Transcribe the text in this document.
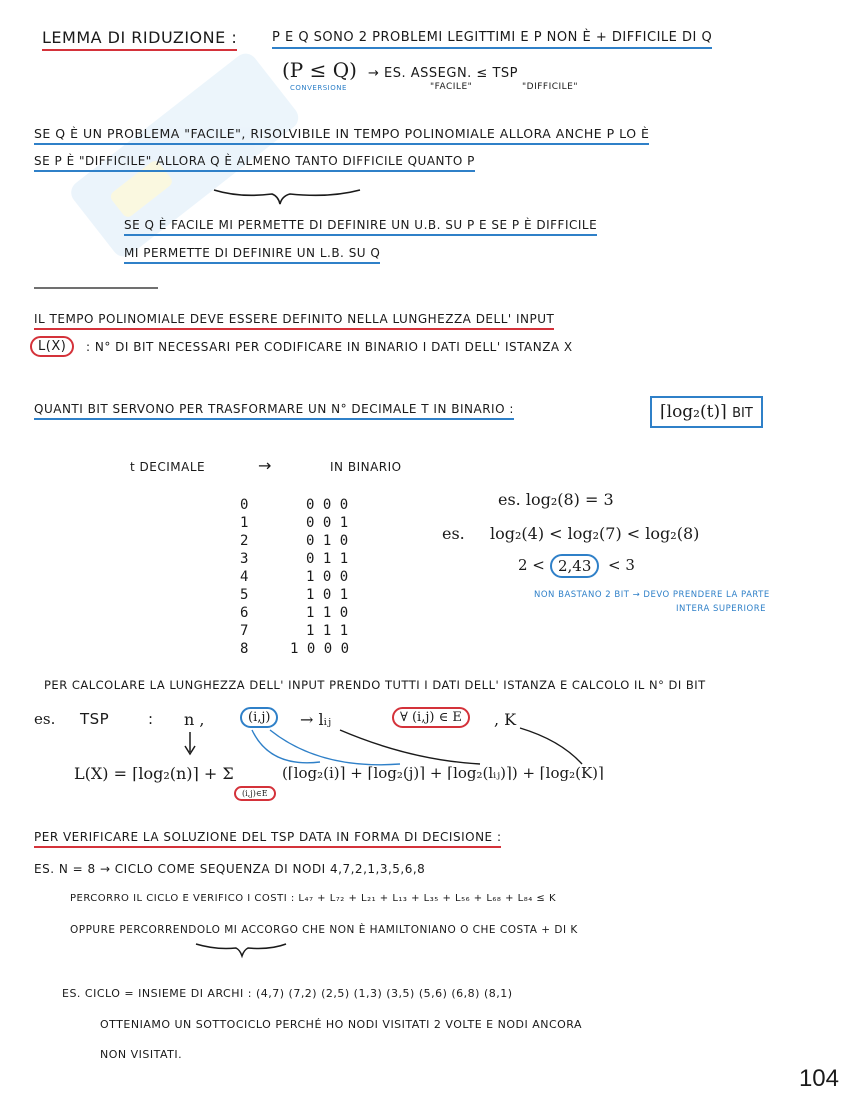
LEMMA DI RIDUZIONE :	P E Q SONO 2 PROBLEMI LEGITTIMI E P NON È + DIFFICILE DI Q
(P ≤ Q)
CONVERSIONE
→ ES. ASSEGN. ≤ TSP
"FACILE"	"DIFFICILE"
SE Q È UN PROBLEMA "FACILE", RISOLVIBILE IN TEMPO POLINOMIALE ALLORA ANCHE P LO È
SE P È "DIFFICILE" ALLORA Q È ALMENO TANTO DIFFICILE QUANTO P
SE Q È FACILE MI PERMETTE DI DEFINIRE UN U.B. SU P E SE P È DIFFICILE
MI PERMETTE DI DEFINIRE UN L.B. SU Q
IL TEMPO POLINOMIALE DEVE ESSERE DEFINITO NELLA LUNGHEZZA DELL' INPUT
L(X)	: N° DI BIT NECESSARI PER CODIFICARE IN BINARIO I DATI DELL' ISTANZA X
QUANTI BIT SERVONO PER TRASFORMARE UN N° DECIMALE T IN BINARIO :	⌈log₂(t)⌉ BIT
t DECIMALE	→	IN BINARIO
0	0 0 0
1	0 0 1
2	0 1 0
3	0 1 1
4	1 0 0
5	1 0 1
6	1 1 0
7	1 1 1
8	1 0 0 0
es. log₂(8) = 3
es. log₂(4) < log₂(7) < log₂(8)
2 < 2,43	< 3
NON BASTANO 2 BIT → DEVO PRENDERE LA PARTE
INTERA SUPERIORE
PER CALCOLARE LA LUNGHEZZA DELL' INPUT PRENDO TUTTI I DATI DELL' ISTANZA E CALCOLO IL N° DI BIT
es. TSP	: n ,	(i,j)	→ lᵢⱼ	∀ (i,j) ∈ E	, K
L(X) = ⌈log₂(n)⌉ + Σ
(i,j)∈E
(⌈log₂(i)⌉ + ⌈log₂(j)⌉ + ⌈log₂(lᵢⱼ)⌉) + ⌈log₂(K)⌉
PER VERIFICARE LA SOLUZIONE DEL TSP DATA IN FORMA DI DECISIONE :
ES. N = 8 → CICLO COME SEQUENZA DI NODI 4,7,2,1,3,5,6,8
PERCORRO IL CICLO E VERIFICO I COSTI : L₄₇ + L₇₂ + L₂₁ + L₁₃ + L₃₅ + L₅₆ + L₆₈ + L₈₄ ≤ K
OPPURE PERCORRENDOLO MI ACCORGO CHE NON È HAMILTONIANO O CHE COSTA + DI K
ES. CICLO = INSIEME DI ARCHI : (4,7) (7,2) (2,5) (1,3) (3,5) (5,6) (6,8) (8,1)
OTTENIAMO UN SOTTOCICLO PERCHÉ HO NODI VISITATI 2 VOLTE E NODI ANCORA
NON VISITATI.
104
